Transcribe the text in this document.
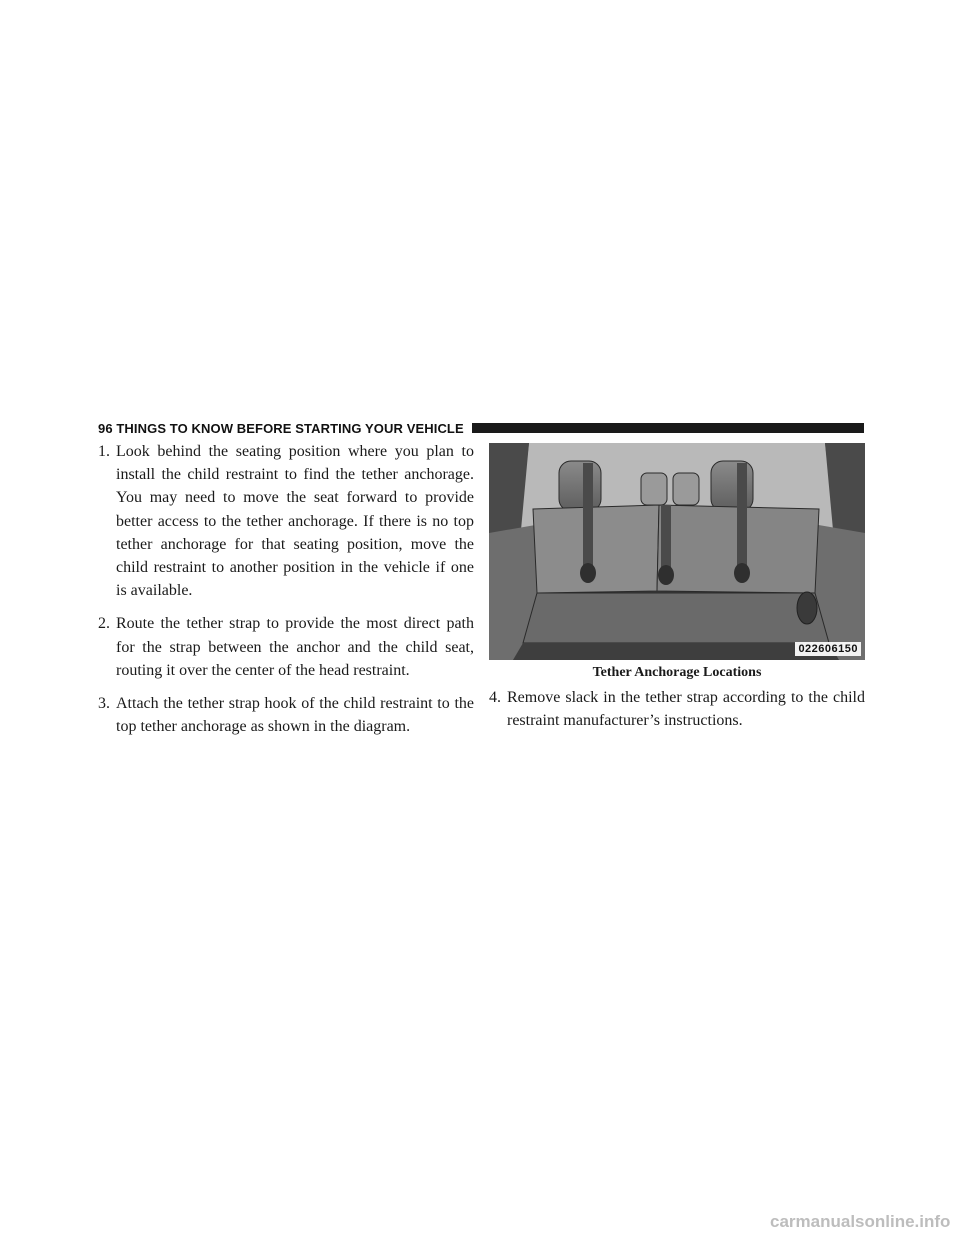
96 THINGS TO KNOW BEFORE STARTING YOUR VEHICLE

1. Look behind the seating position where you plan to install the child restraint to find the tether anchorage. You may need to move the seat forward to provide better access to the tether anchorage. If there is no top tether anchorage for that seating position, move the child restraint to another position in the vehicle if one is available.

2. Route the tether strap to provide the most direct path for the strap between the anchor and the child seat, routing it over the center of the head restraint.

3. Attach the tether strap hook of the child restraint to the top tether anchorage as shown in the diagram.

022606150
Tether Anchorage Locations

4. Remove slack in the tether strap according to the child restraint manufacturer’s instructions.

carmanualsonline.info
